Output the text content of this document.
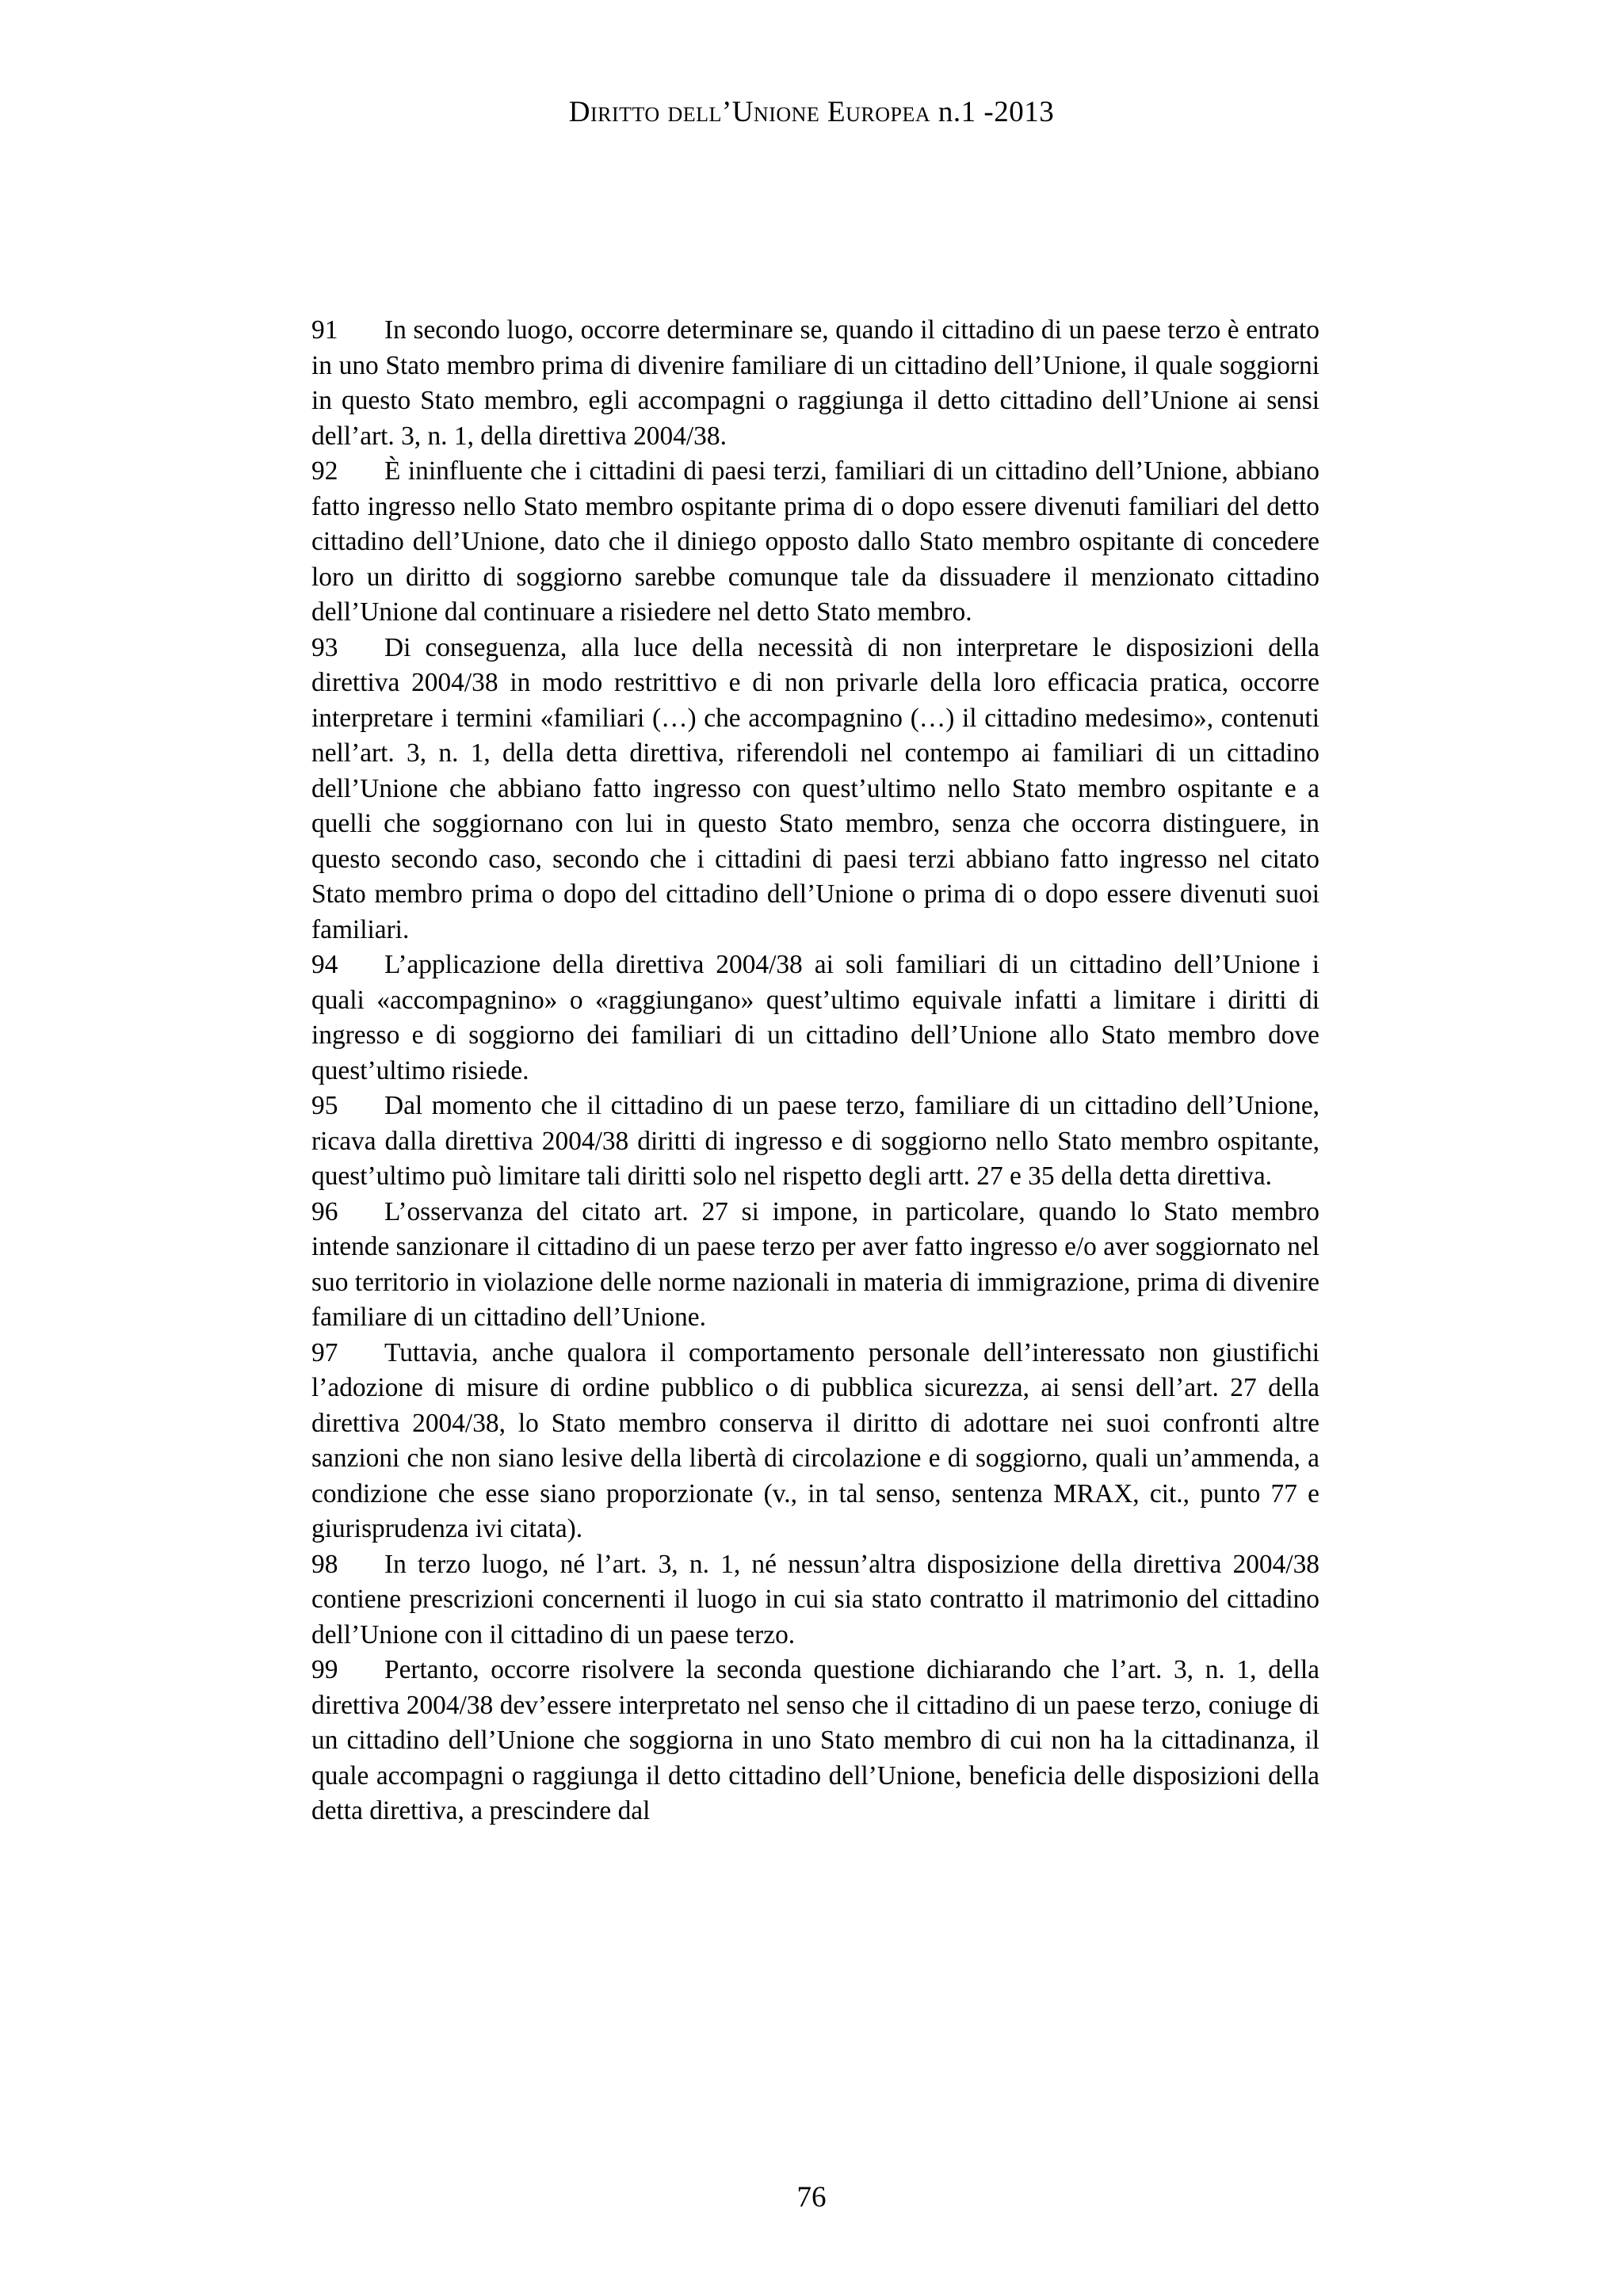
Diritto dell’Unione Europea n.1 -2013

91 In secondo luogo, occorre determinare se, quando il cittadino di un paese terzo è entrato in uno Stato membro prima di divenire familiare di un cittadino dell’Unione, il quale soggiorni in questo Stato membro, egli accompagni o raggiunga il detto cittadino dell’Unione ai sensi dell’art. 3, n. 1, della direttiva 2004/38.

92 È ininfluente che i cittadini di paesi terzi, familiari di un cittadino dell’Unione, abbiano fatto ingresso nello Stato membro ospitante prima di o dopo essere divenuti familiari del detto cittadino dell’Unione, dato che il diniego opposto dallo Stato membro ospitante di concedere loro un diritto di soggiorno sarebbe comunque tale da dissuadere il menzionato cittadino dell’Unione dal continuare a risiedere nel detto Stato membro.

93 Di conseguenza, alla luce della necessità di non interpretare le disposizioni della direttiva 2004/38 in modo restrittivo e di non privarle della loro efficacia pratica, occorre interpretare i termini «familiari (…) che accompagnino (…) il cittadino medesimo», contenuti nell’art. 3, n. 1, della detta direttiva, riferendoli nel contempo ai familiari di un cittadino dell’Unione che abbiano fatto ingresso con quest’ultimo nello Stato membro ospitante e a quelli che soggiornano con lui in questo Stato membro, senza che occorra distinguere, in questo secondo caso, secondo che i cittadini di paesi terzi abbiano fatto ingresso nel citato Stato membro prima o dopo del cittadino dell’Unione o prima di o dopo essere divenuti suoi familiari.

94 L’applicazione della direttiva 2004/38 ai soli familiari di un cittadino dell’Unione i quali «accompagnino» o «raggiungano» quest’ultimo equivale infatti a limitare i diritti di ingresso e di soggiorno dei familiari di un cittadino dell’Unione allo Stato membro dove quest’ultimo risiede.

95 Dal momento che il cittadino di un paese terzo, familiare di un cittadino dell’Unione, ricava dalla direttiva 2004/38 diritti di ingresso e di soggiorno nello Stato membro ospitante, quest’ultimo può limitare tali diritti solo nel rispetto degli artt. 27 e 35 della detta direttiva.

96 L’osservanza del citato art. 27 si impone, in particolare, quando lo Stato membro intende sanzionare il cittadino di un paese terzo per aver fatto ingresso e/o aver soggiornato nel suo territorio in violazione delle norme nazionali in materia di immigrazione, prima di divenire familiare di un cittadino dell’Unione.

97 Tuttavia, anche qualora il comportamento personale dell’interessato non giustifichi l’adozione di misure di ordine pubblico o di pubblica sicurezza, ai sensi dell’art. 27 della direttiva 2004/38, lo Stato membro conserva il diritto di adottare nei suoi confronti altre sanzioni che non siano lesive della libertà di circolazione e di soggiorno, quali un’ammenda, a condizione che esse siano proporzionate (v., in tal senso, sentenza MRAX, cit., punto 77 e giurisprudenza ivi citata).

98 In terzo luogo, né l’art. 3, n. 1, né nessun’altra disposizione della direttiva 2004/38 contiene prescrizioni concernenti il luogo in cui sia stato contratto il matrimonio del cittadino dell’Unione con il cittadino di un paese terzo.

99 Pertanto, occorre risolvere la seconda questione dichiarando che l’art. 3, n. 1, della direttiva 2004/38 dev’essere interpretato nel senso che il cittadino di un paese terzo, coniuge di un cittadino dell’Unione che soggiorna in uno Stato membro di cui non ha la cittadinanza, il quale accompagni o raggiunga il detto cittadino dell’Unione, beneficia delle disposizioni della detta direttiva, a prescindere dal

76
